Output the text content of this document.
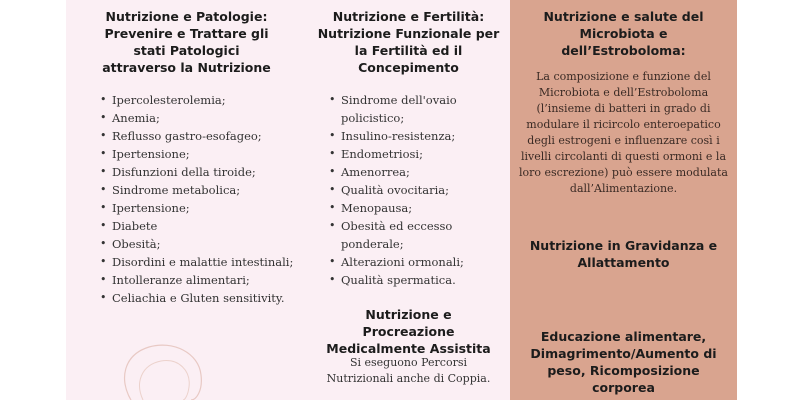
Nutrizione e Patologie:
Prevenire e Trattare gli
stati Patologici
attraverso la Nutrizione
• Ipercolesterolemia;
• Anemia;
• Reflusso gastro-esofageo;
• Ipertensione;
• Disfunzioni della tiroide;
• Sindrome metabolica;
• Ipertensione;
• Diabete
• Obesità;
• Disordini e malattie intestinali;
• Intolleranze alimentari;
• Celiachia e Gluten sensitivity.
Nutrizione e Fertilità:
Nutrizione Funzionale per
la Fertilità ed il
Concepimento
• Sindrome dell'ovaio policistico;
• Insulino-resistenza;
• Endometriosi;
• Amenorrea;
• Qualità ovocitaria;
• Menopausa;
• Obesità ed eccesso ponderale;
• Alterazioni ormonali;
• Qualità spermatica.
Nutrizione e
Procreazione
Medicalmente Assistita
Si eseguono Percorsi
Nutrizionali anche di Coppia.
Nutrizione e salute del
Microbiota e
dell’Estroboloma:
La composizione e funzione del
Microbiota e dell’Estroboloma
(l’insieme di batteri in grado di
modulare il ricircolo enteroepatico
degli estrogeni e influenzare così i
livelli circolanti di questi ormoni e la
loro escrezione) può essere modulata
dall’Alimentazione.
Nutrizione in Gravidanza e
Allattamento
Educazione alimentare,
Dimagrimento/Aumento di
peso, Ricomposizione
corporea
